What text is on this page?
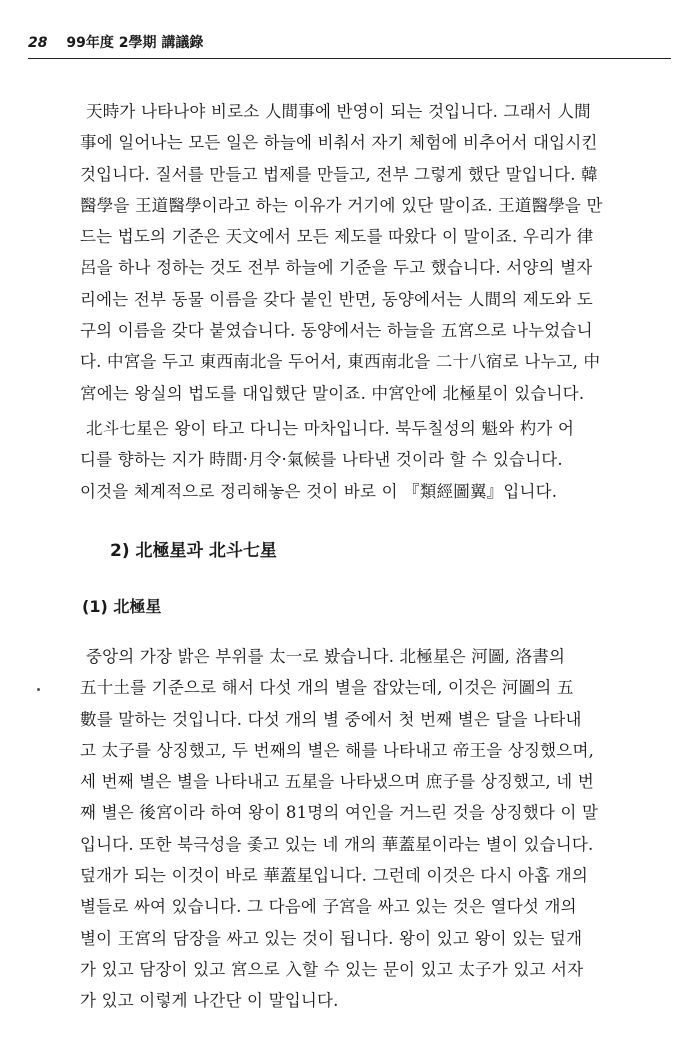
28 99年度 2學期 講議錄
天時가 나타나야 비로소 人間事에 반영이 되는 것입니다. 그래서 人間
事에 일어나는 모든 일은 하늘에 비춰서 자기 체험에 비추어서 대입시킨
것입니다. 질서를 만들고 법제를 만들고, 전부 그렇게 했단 말입니다. 韓
醫學을 王道醫學이라고 하는 이유가 거기에 있단 말이죠. 王道醫學을 만
드는 법도의 기준은 天文에서 모든 제도를 따왔다 이 말이죠. 우리가 律
呂을 하나 정하는 것도 전부 하늘에 기준을 두고 했습니다. 서양의 별자
리에는 전부 동물 이름을 갖다 붙인 반면, 동양에서는 人間의 제도와 도
구의 이름을 갖다 붙였습니다. 동양에서는 하늘을 五宮으로 나누었습니
다. 中宮을 두고 東西南北을 두어서, 東西南北을 二十八宿로 나누고, 中
宮에는 왕실의 법도를 대입했단 말이죠. 中宮안에 北極星이 있습니다.
北斗七星은 왕이 타고 다니는 마차입니다. 북두칠성의 魁와 杓가 어
디를 향하는 지가 時間·月令·氣候를 나타낸 것이라 할 수 있습니다.
이것을 체계적으로 정리해놓은 것이 바로 이 『類經圖翼』입니다.
2) 北極星과 北斗七星
(1) 北極星
중앙의 가장 밝은 부위를 太一로 봤습니다. 北極星은 河圖, 洛書의
五十土를 기준으로 해서 다섯 개의 별을 잡았는데, 이것은 河圖의 五
數를 말하는 것입니다. 다섯 개의 별 중에서 첫 번째 별은 달을 나타내
고 太子를 상징했고, 두 번째의 별은 해를 나타내고 帝王을 상징했으며,
세 번째 별은 별을 나타내고 五星을 나타냈으며 庶子를 상징했고, 네 번
째 별은 後宮이라 하여 왕이 81명의 여인을 거느린 것을 상징했다 이 말
입니다. 또한 북극성을 좇고 있는 네 개의 華蓋星이라는 별이 있습니다.
덮개가 되는 이것이 바로 華蓋星입니다. 그런데 이것은 다시 아홉 개의
별들로 싸여 있습니다. 그 다음에 子宮을 싸고 있는 것은 열다섯 개의
별이 王宮의 담장을 싸고 있는 것이 됩니다. 왕이 있고 왕이 있는 덮개
가 있고 담장이 있고 宮으로 入할 수 있는 문이 있고 太子가 있고 서자
가 있고 이렇게 나간단 이 말입니다.
